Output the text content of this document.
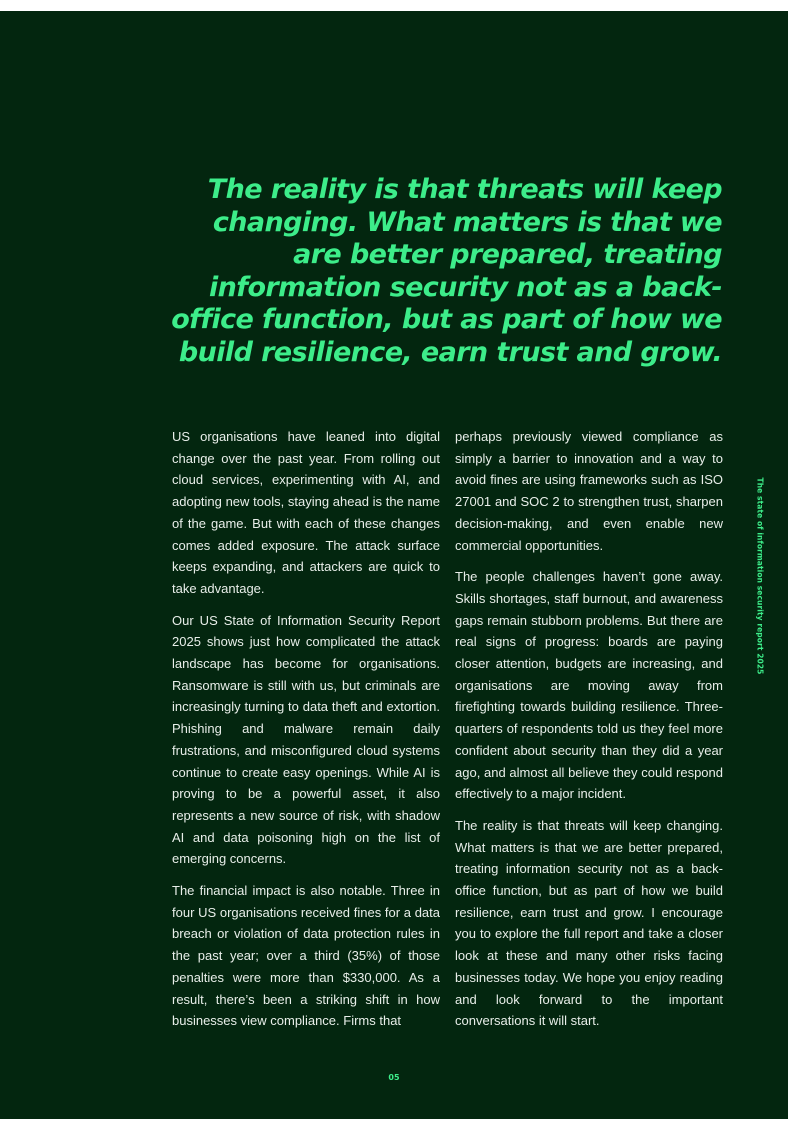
The reality is that threats will keep changing. What matters is that we are better prepared, treating information security not as a back-office function, but as part of how we build resilience, earn trust and grow.

US organisations have leaned into digital change over the past year. From rolling out cloud services, experimenting with AI, and adopting new tools, staying ahead is the name of the game. But with each of these changes comes added exposure. The attack surface keeps expanding, and attackers are quick to take advantage.

Our US State of Information Security Report 2025 shows just how complicated the attack landscape has become for organisations. Ransomware is still with us, but criminals are increasingly turning to data theft and extortion. Phishing and malware remain daily frustrations, and misconfigured cloud systems continue to create easy openings. While AI is proving to be a powerful asset, it also represents a new source of risk, with shadow AI and data poisoning high on the list of emerging concerns.

The financial impact is also notable. Three in four US organisations received fines for a data breach or violation of data protection rules in the past year; over a third (35%) of those penalties were more than $330,000. As a result, there’s been a striking shift in how businesses view compliance. Firms that

perhaps previously viewed compliance as simply a barrier to innovation and a way to avoid fines are using frameworks such as ISO 27001 and SOC 2 to strengthen trust, sharpen decision-making, and even enable new commercial opportunities.

The people challenges haven’t gone away. Skills shortages, staff burnout, and awareness gaps remain stubborn problems. But there are real signs of progress: boards are paying closer attention, budgets are increasing, and organisations are moving away from firefighting towards building resilience. Three-quarters of respondents told us they feel more confident about security than they did a year ago, and almost all believe they could respond effectively to a major incident.

The reality is that threats will keep changing. What matters is that we are better prepared, treating information security not as a back-office function, but as part of how we build resilience, earn trust and grow. I encourage you to explore the full report and take a closer look at these and many other risks facing businesses today. We hope you enjoy reading and look forward to the important conversations it will start.

The state of information security report 2025
05
